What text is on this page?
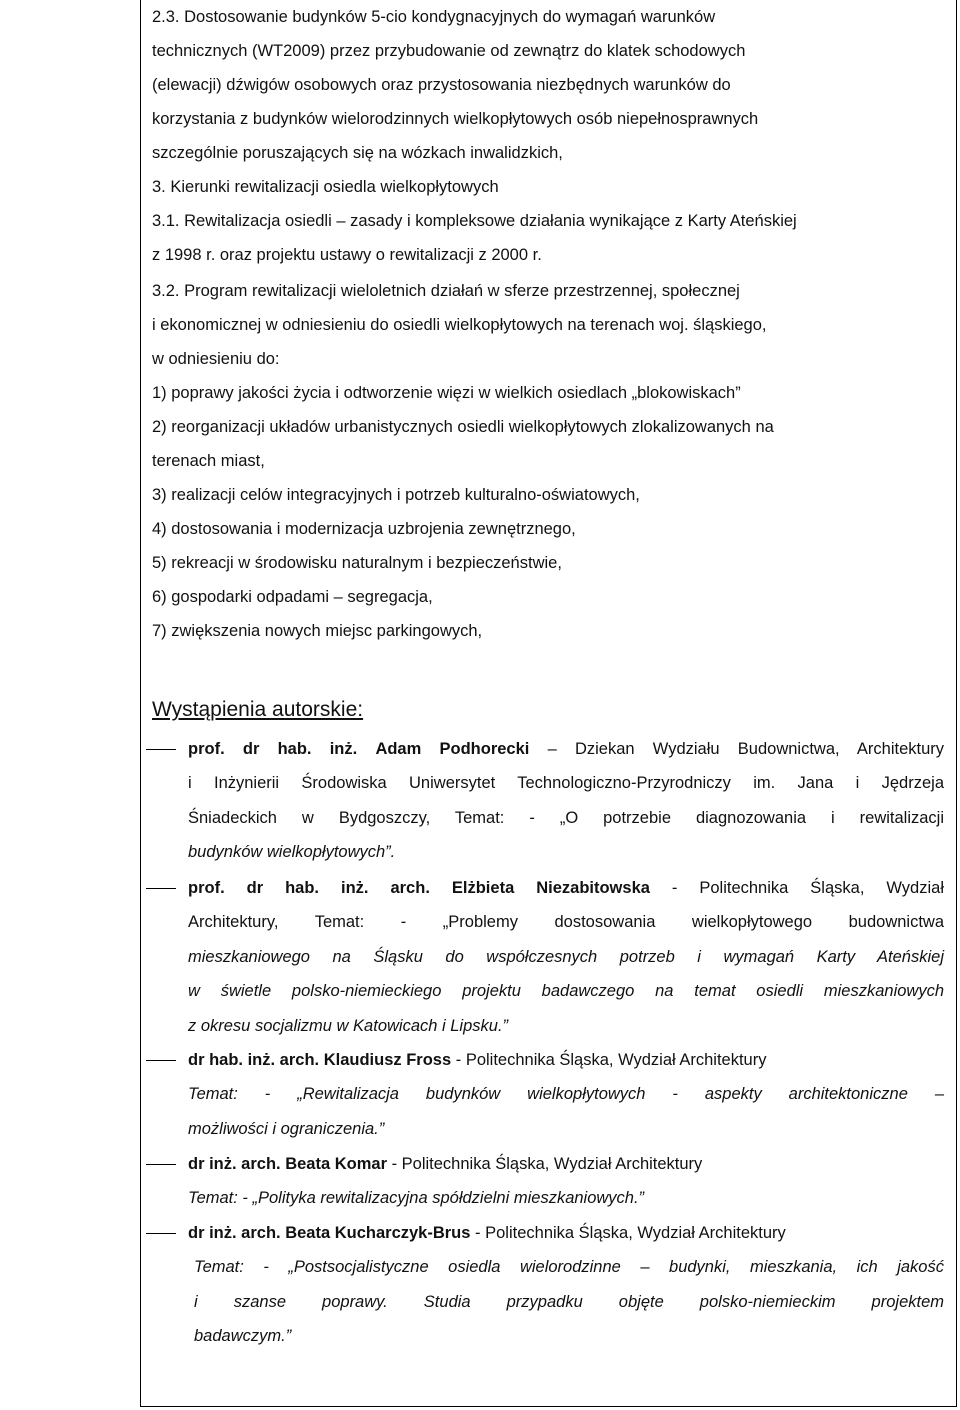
2.3. Dostosowanie budynków 5-cio kondygnacyjnych do wymagań warunków
technicznych (WT2009) przez przybudowanie od zewnątrz do klatek schodowych
(elewacji) dźwigów osobowych oraz przystosowania niezbędnych warunków do
korzystania z budynków wielorodzinnych wielkopłytowych osób niepełnosprawnych
szczególnie poruszających się na wózkach inwalidzkich,
3. Kierunki rewitalizacji osiedla wielkopłytowych
3.1. Rewitalizacja osiedli – zasady i kompleksowe działania wynikające z Karty Ateńskiej
z 1998 r. oraz projektu ustawy o rewitalizacji z 2000 r.
3.2. Program rewitalizacji wieloletnich działań w sferze przestrzennej, społecznej
i ekonomicznej w odniesieniu do osiedli wielkopłytowych na terenach woj. śląskiego,
w odniesieniu do:
1) poprawy jakości życia i odtworzenie więzi w wielkich osiedlach „blokowiskach”
2) reorganizacji układów urbanistycznych osiedli wielkopłytowych zlokalizowanych na
terenach miast,
3) realizacji celów integracyjnych i potrzeb kulturalno-oświatowych,
4) dostosowania i modernizacja uzbrojenia zewnętrznego,
5) rekreacji w środowisku naturalnym i bezpieczeństwie,
6) gospodarki odpadami – segregacja,
7) zwiększenia nowych miejsc parkingowych,
Wystąpienia autorskie:
prof. dr hab. inż. Adam Podhorecki – Dziekan Wydziału Budownictwa, Architektury
i Inżynierii Środowiska Uniwersytet Technologiczno-Przyrodniczy im. Jana i Jędrzeja
Śniadeckich w Bydgoszczy, Temat: - „O potrzebie diagnozowania i rewitalizacji
budynków wielkopłytowych”.
prof. dr hab. inż. arch. Elżbieta Niezabitowska - Politechnika Śląska, Wydział
Architektury, Temat: - „Problemy dostosowania wielkopłytowego budownictwa
mieszkaniowego na Śląsku do współczesnych potrzeb i wymagań Karty Ateńskiej
w świetle polsko-niemieckiego projektu badawczego na temat osiedli mieszkaniowych
z okresu socjalizmu w Katowicach i Lipsku.”
dr hab. inż. arch. Klaudiusz Fross - Politechnika Śląska, Wydział Architektury
Temat: - „Rewitalizacja budynków wielkopłytowych - aspekty architektoniczne –
możliwości i ograniczenia.”
dr inż. arch. Beata Komar - Politechnika Śląska, Wydział Architektury
Temat: - „Polityka rewitalizacyjna spółdzielni mieszkaniowych.”
dr inż. arch. Beata Kucharczyk-Brus - Politechnika Śląska, Wydział Architektury
Temat: - „Postsocjalistyczne osiedla wielorodzinne – budynki, mieszkania, ich jakość
i szanse poprawy. Studia przypadku objęte polsko-niemieckim projektem
badawczym.”
